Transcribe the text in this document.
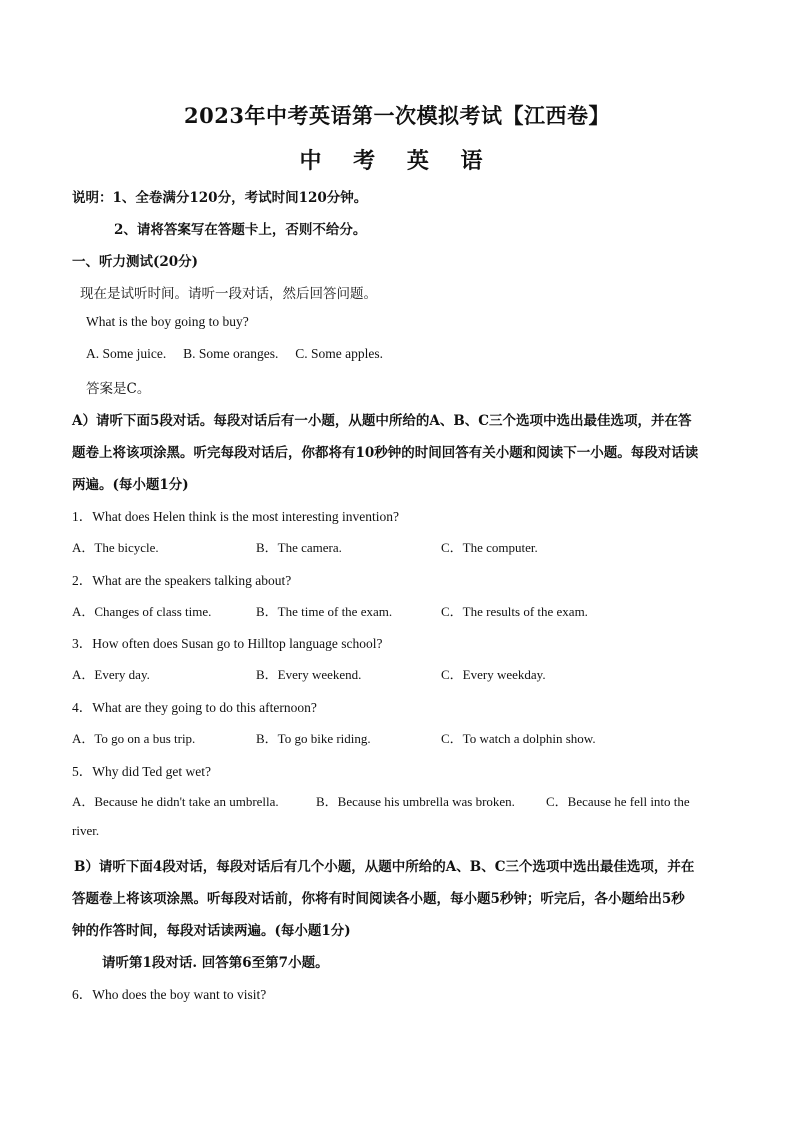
2023年中考英语第一次模拟考试【江西卷】
中 考 英 语
说明：1、全卷满分120分，考试时间120分钟。
2、请将答案写在答题卡上，否则不给分。
一、听力测试(20分)
现在是试听时间。请听一段对话，然后回答问题。
What is the boy going to buy?
A. Some juice.     B. Some oranges.     C. Some apples.
答案是C。
A）请听下面5段对话。每段对话后有一小题，从题中所给的A、B、C三个选项中选出最佳选项，并在答
题卷上将该项涂黑。听完每段对话后，你都将有10秒钟的时间回答有关小题和阅读下一小题。每段对话读
两遍。(每小题1分)
1．What does Helen think is the most interesting invention?
A．The bicycle.	B．The camera.	C．The computer.
2．What are the speakers talking about?
A．Changes of class time.	B．The time of the exam.	C．The results of the exam.
3．How often does Susan go to Hilltop language school?
A．Every day.	B．Every weekend.	C．Every weekday.
4．What are they going to do this afternoon?
A．To go on a bus trip.	B．To go bike riding.	C．To watch a dolphin show.
5．Why did Ted get wet?
A．Because he didn't take an umbrella.	B．Because his umbrella was broken. C．Because he fell into the
river.
B）请听下面4段对话，每段对话后有几个小题，从题中所给的A、B、C三个选项中选出最佳选项，并在
答题卷上将该项涂黑。听每段对话前，你将有时间阅读各小题，每小题5秒钟；听完后，各小题给出5秒
钟的作答时间，每段对话读两遍。(每小题1分)
请听第1段对话. 回答第6至第7小题。
6．Who does the boy want to visit?
